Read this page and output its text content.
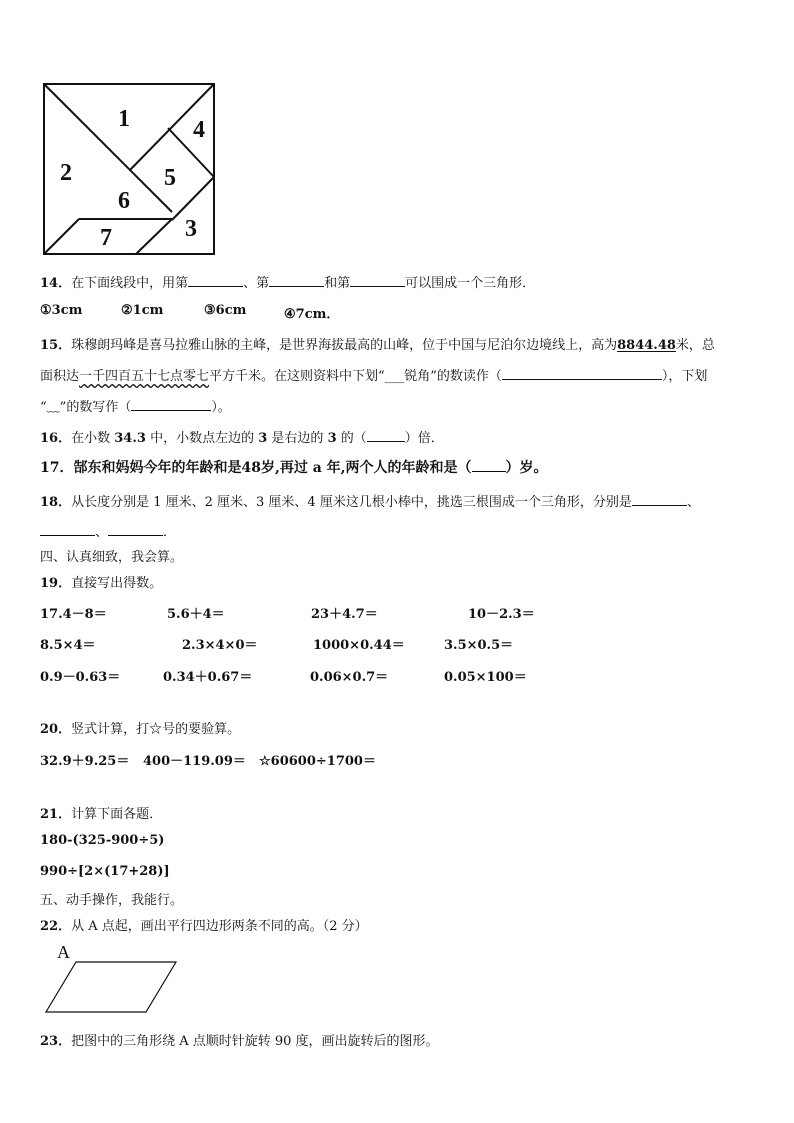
1
2
3
4
5
6
7
14．在下面线段中，用第	、第	和第	可以围成一个三角形．
①3cm	②1cm	③6cm	④7cm．
15．珠穆朗玛峰是喜马拉雅山脉的主峰，是世界海拔最高的山峰，位于中国与尼泊尔边境线上，高为8844.48米，总
面积达一千四百五十七点零七平方千米。在这则资料中下划“___锐角”的数读作（	），下划
“﹏”的数写作（	）。
16．在小数 34.3 中，小数点左边的 3 是右边的 3 的（	）倍．
17．郜东和妈妈今年的年龄和是48岁,再过 a 年,两个人的年龄和是（ ）岁。
18．从长度分别是 1 厘米、2 厘米、3 厘米、4 厘米这几根小棒中，挑选三根围成一个三角形，分别是	、
、	．
四、认真细致，我会算。
19．直接写出得数。
17.4－8＝	5.6＋4＝	23＋4.7＝	10－2.3＝
8.5×4＝	2.3×4×0＝	1000×0.44＝	3.5×0.5＝
0.9－0.63＝	0.34＋0.67＝	0.06×0.7＝	0.05×100＝
20．竖式计算，打☆号的要验算。
32.9＋9.25＝ 400－119.09＝ ☆60600÷1700＝
21．计算下面各题．
180-(325-900÷5)
990÷[2×(17+28)]
五、动手操作，我能行。
22．从 A 点起，画出平行四边形两条不同的高。（2 分）
A
23．把图中的三角形绕 A 点顺时针旋转 90 度，画出旋转后的图形。
